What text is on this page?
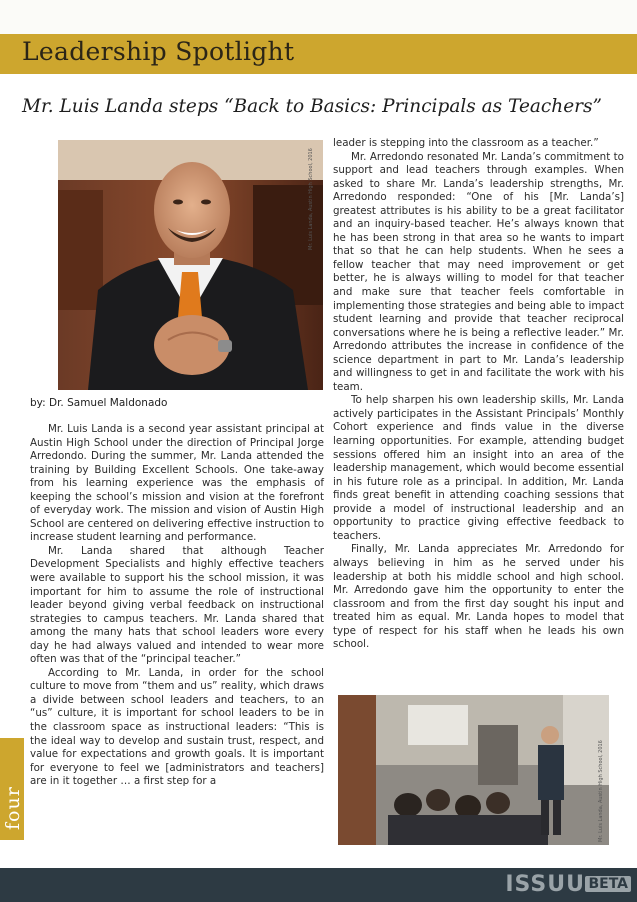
Leadership Spotlight
Mr. Luis Landa steps “Back to Basics: Principals as Teachers”
Mr. Luis Landa, Austin High School, 2016
by: Dr. Samuel Maldonado

Mr. Luis Landa is a second year assistant principal at Austin High School under the direction of Principal Jorge Arredondo. During the summer, Mr. Landa attended the training by Building Excellent Schools. One take-away from his learning experience was the emphasis of keeping the school’s mission and vision at the forefront of everyday work. The mission and vision of Austin High School are centered on delivering effective instruction to increase student learning and performance.

Mr. Landa shared that although Teacher Development Specialists and highly effective teachers were available to support his the school mission, it was important for him to assume the role of instructional leader beyond giving verbal feedback on instructional strategies to campus teachers. Mr. Landa shared that among the many hats that school leaders wore every day he had always valued and intended to wear more often was that of the “principal teacher.”

According to Mr. Landa, in order for the school culture to move from “them and us” reality, which draws a divide between school leaders and teachers, to an “us” culture, it is important for school leaders to be in the classroom space as instructional leaders: “This is the ideal way to develop and sustain trust, respect, and value for expectations and growth goals. It is important for everyone to feel we [administrators and teachers] are in it together … a first step for a

leader is stepping into the classroom as a teacher.”

Mr. Arredondo resonated Mr. Landa’s commitment to support and lead teachers through examples. When asked to share Mr. Landa’s leadership strengths, Mr. Arredondo responded: “One of his [Mr. Landa’s] greatest attributes is his ability to be a great facilitator and an inquiry-based teacher. He’s always known that he has been strong in that area so he wants to impart that so that he can help students. When he sees a fellow teacher that may need improvement or get better, he is always willing to model for that teacher and make sure that teacher feels comfortable in implementing those strategies and being able to impact student learning and provide that teacher reciprocal conversations where he is being a reflective leader.” Mr. Arredondo attributes the increase in confidence of the science department in part to Mr. Landa’s leadership and willingness to get in and facilitate the work with his team.

To help sharpen his own leadership skills, Mr. Landa actively participates in the Assistant Principals’ Monthly Cohort experience and finds value in the diverse learning opportunities. For example, attending budget sessions offered him an insight into an area of the leadership management, which would become essential in his future role as a principal. In addition, Mr. Landa finds great benefit in attending coaching sessions that provide a model of instructional leadership and an opportunity to practice giving effective feedback to teachers.

Finally, Mr. Landa appreciates Mr. Arredondo for always believing in him as he served under his leadership at both his middle school and high school. Mr. Arredondo gave him the opportunity to enter the classroom and from the first day sought his input and treated him as equal. Mr. Landa hopes to model that type of respect for his staff when he leads his own school.

Mr. Luis Landa, Austin High School, 2016
four
ISSUU BETA
